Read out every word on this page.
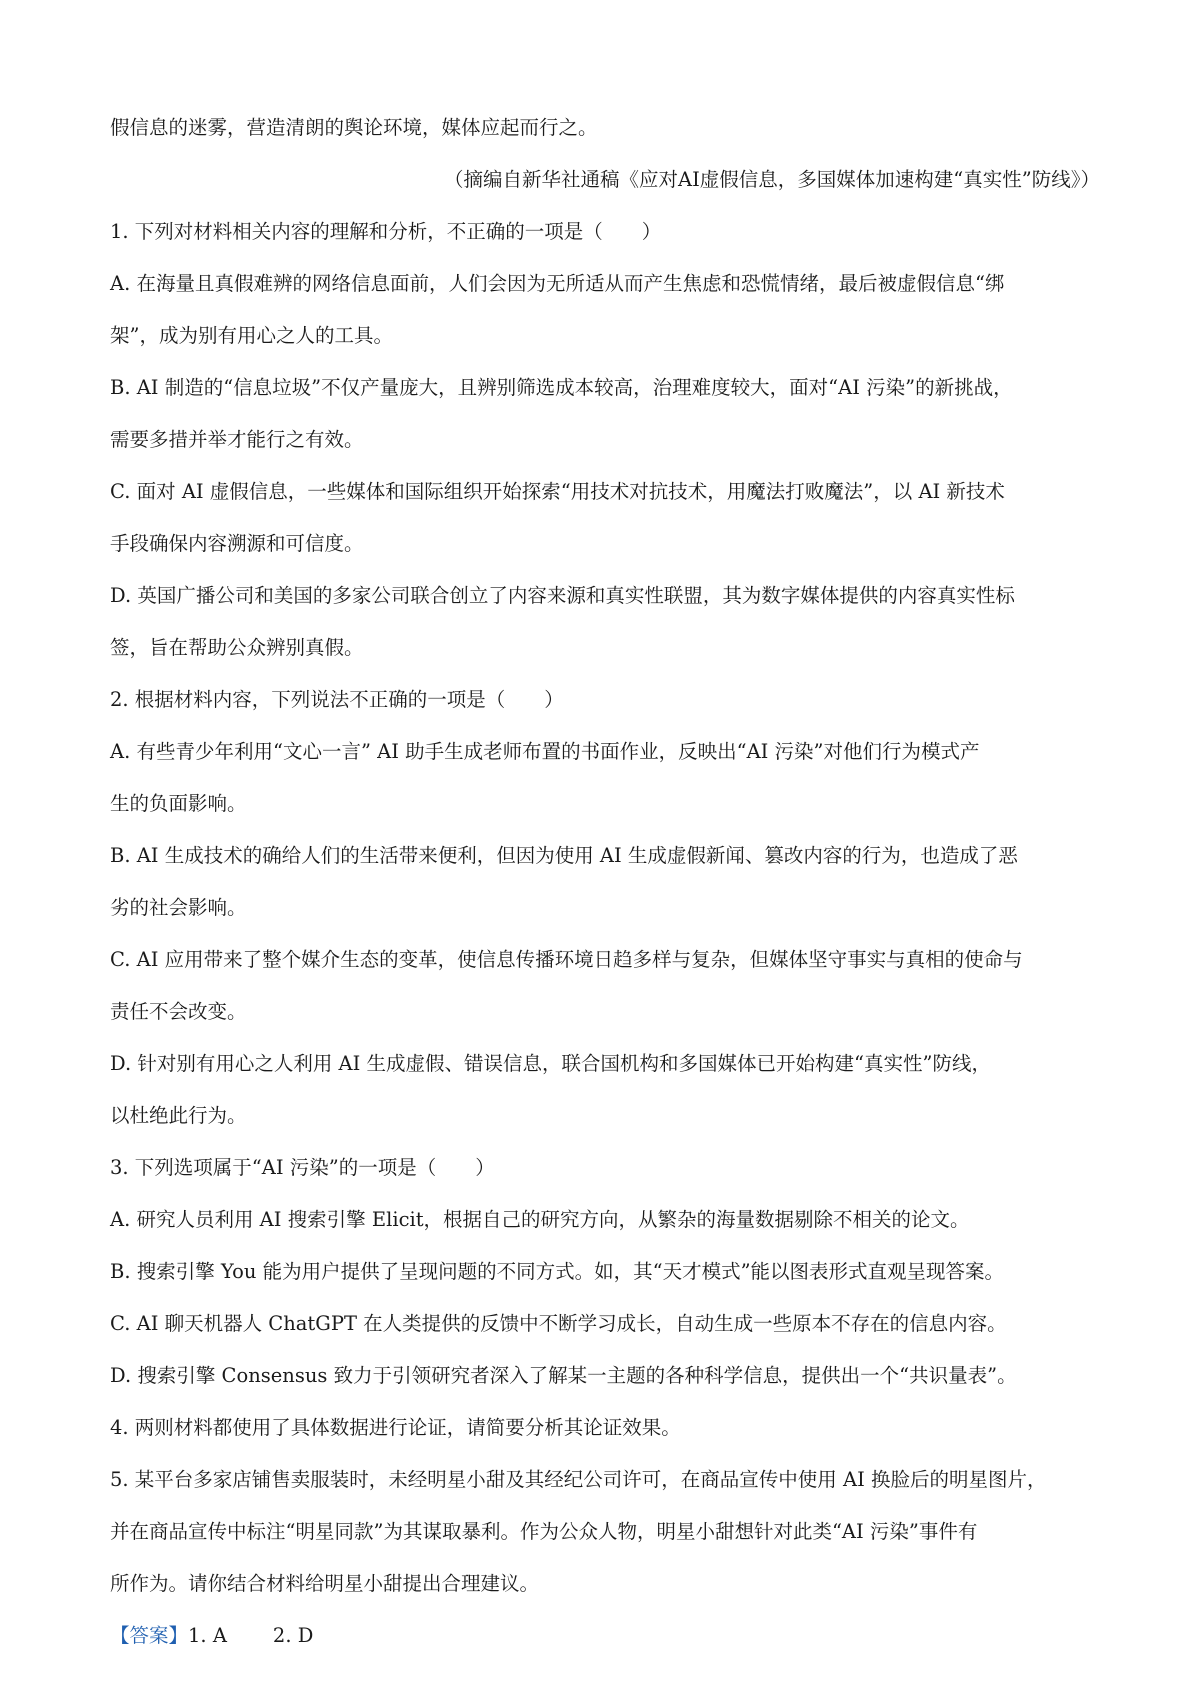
假信息的迷雾，营造清朗的舆论环境，媒体应起而行之。

（摘编自新华社通稿《应对AI虚假信息，多国媒体加速构建“真实性”防线》）

1. 下列对材料相关内容的理解和分析，不正确的一项是（　　）

A. 在海量且真假难辨的网络信息面前，人们会因为无所适从而产生焦虑和恐慌情绪，最后被虚假信息“绑
架”，成为别有用心之人的工具。
B. AI 制造的“信息垃圾”不仅产量庞大，且辨别筛选成本较高，治理难度较大，面对“AI 污染”的新挑战，
需要多措并举才能行之有效。
C. 面对 AI 虚假信息，一些媒体和国际组织开始探索“用技术对抗技术，用魔法打败魔法”，以 AI 新技术
手段确保内容溯源和可信度。
D. 英国广播公司和美国的多家公司联合创立了内容来源和真实性联盟，其为数字媒体提供的内容真实性标
签，旨在帮助公众辨别真假。

2. 根据材料内容，下列说法不正确的一项是（　　）

A. 有些青少年利用“文心一言” AI 助手生成老师布置的书面作业，反映出“AI 污染”对他们行为模式产
生的负面影响。
B. AI 生成技术的确给人们的生活带来便利，但因为使用 AI 生成虚假新闻、篡改内容的行为，也造成了恶
劣的社会影响。
C. AI 应用带来了整个媒介生态的变革，使信息传播环境日趋多样与复杂，但媒体坚守事实与真相的使命与
责任不会改变。
D. 针对别有用心之人利用 AI 生成虚假、错误信息，联合国机构和多国媒体已开始构建“真实性”防线，
以杜绝此行为。

3. 下列选项属于“AI 污染”的一项是（　　）

A. 研究人员利用 AI 搜索引擎 Elicit，根据自己的研究方向，从繁杂的海量数据剔除不相关的论文。

B. 搜索引擎 You 能为用户提供了呈现问题的不同方式。如，其“天才模式”能以图表形式直观呈现答案。

C. AI 聊天机器人 ChatGPT 在人类提供的反馈中不断学习成长，自动生成一些原本不存在的信息内容。

D. 搜索引擎 Consensus 致力于引领研究者深入了解某一主题的各种科学信息，提供出一个“共识量表”。

4. 两则材料都使用了具体数据进行论证，请简要分析其论证效果。

5. 某平台多家店铺售卖服装时，未经明星小甜及其经纪公司许可，在商品宣传中使用 AI 换脸后的明星图片，
并在商品宣传中标注“明星同款”为其谋取暴利。作为公众人物，明星小甜想针对此类“AI 污染”事件有
所作为。请你结合材料给明星小甜提出合理建议。
【答案】1. A 2. D
